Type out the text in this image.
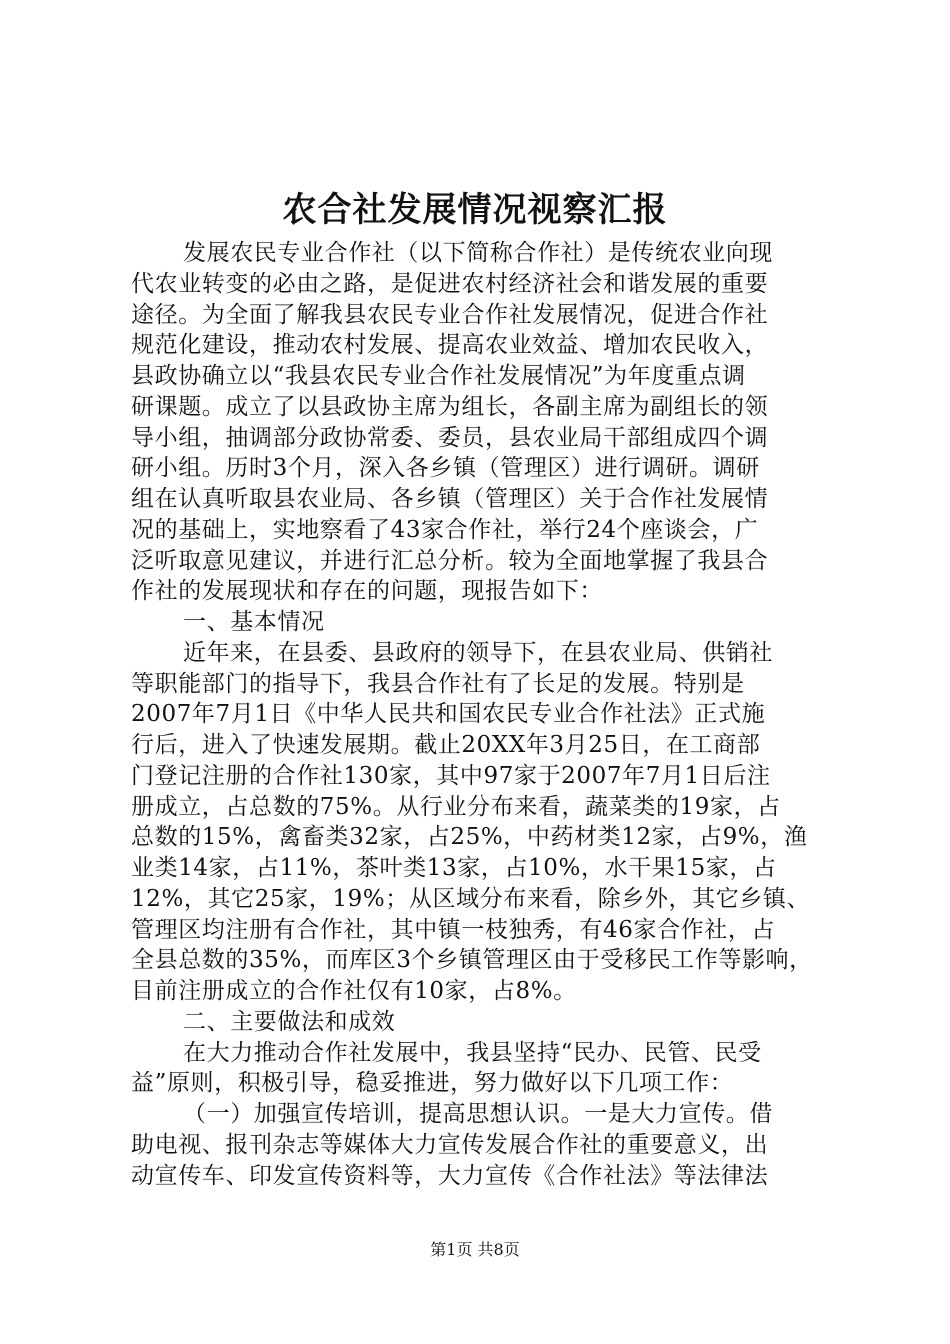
农合社发展情况视察汇报
发展农民专业合作社（以下简称合作社）是传统农业向现
代农业转变的必由之路，是促进农村经济社会和谐发展的重要
途径。为全面了解我县农民专业合作社发展情况，促进合作社
规范化建设，推动农村发展、提高农业效益、增加农民收入，
县政协确立以“我县农民专业合作社发展情况”为年度重点调
研课题。成立了以县政协主席为组长，各副主席为副组长的领
导小组，抽调部分政协常委、委员，县农业局干部组成四个调
研小组。历时3个月，深入各乡镇（管理区）进行调研。调研
组在认真听取县农业局、各乡镇（管理区）关于合作社发展情
况的基础上，实地察看了43家合作社，举行24个座谈会，广
泛听取意见建议，并进行汇总分析。较为全面地掌握了我县合
作社的发展现状和存在的问题，现报告如下：
一、基本情况
近年来，在县委、县政府的领导下，在县农业局、供销社
等职能部门的指导下，我县合作社有了长足的发展。特别是
2007年7月1日《中华人民共和国农民专业合作社法》正式施
行后，进入了快速发展期。截止20XX年3月25日，在工商部
门登记注册的合作社130家，其中97家于2007年7月1日后注
册成立，占总数的75%。从行业分布来看，蔬菜类的19家，占
总数的15%，禽畜类32家，占25%，中药材类12家，占9%，渔
业类14家，占11%，茶叶类13家，占10%，水干果15家，占
12%，其它25家，19%；从区域分布来看，除乡外，其它乡镇、
管理区均注册有合作社，其中镇一枝独秀，有46家合作社，占
全县总数的35%，而库区3个乡镇管理区由于受移民工作等影响，
目前注册成立的合作社仅有10家，占8%。
二、主要做法和成效
在大力推动合作社发展中，我县坚持“民办、民管、民受
益”原则，积极引导，稳妥推进，努力做好以下几项工作：
（一）加强宣传培训，提高思想认识。一是大力宣传。借
助电视、报刊杂志等媒体大力宣传发展合作社的重要意义，出
动宣传车、印发宣传资料等，大力宣传《合作社法》等法律法
第1页 共8页
